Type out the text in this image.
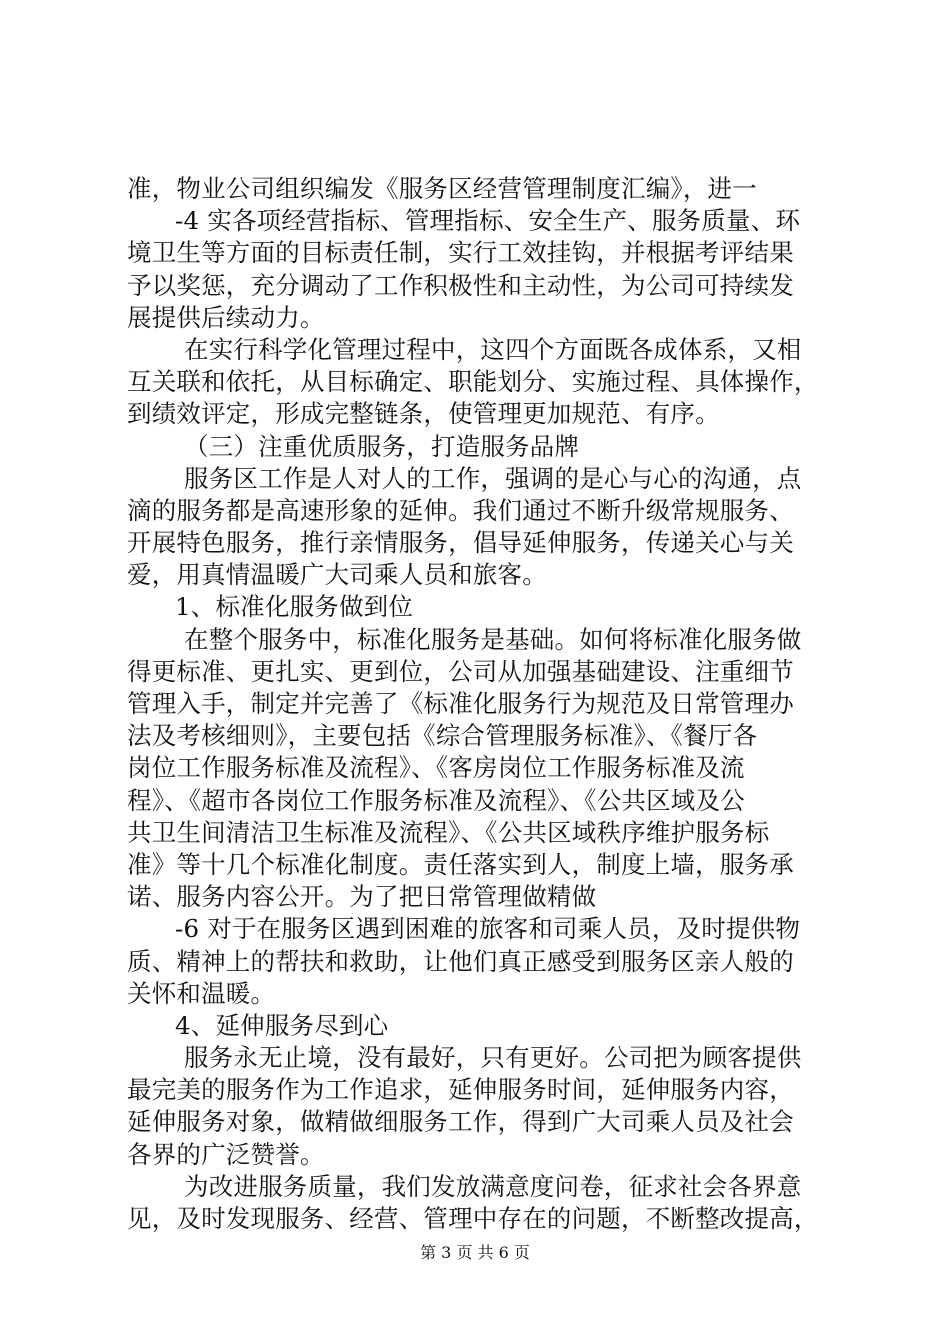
准，物业公司组织编发《服务区经营管理制度汇编》，进一
-4 实各项经营指标、管理指标、安全生产、服务质量、环
境卫生等方面的目标责任制，实行工效挂钩，并根据考评结果
予以奖惩，充分调动了工作积极性和主动性，为公司可持续发
展提供后续动力。
在实行科学化管理过程中，这四个方面既各成体系，又相
互关联和依托，从目标确定、职能划分、实施过程、具体操作，
到绩效评定，形成完整链条，使管理更加规范、有序。
（三）注重优质服务，打造服务品牌
服务区工作是人对人的工作，强调的是心与心的沟通，点
滴的服务都是高速形象的延伸。我们通过不断升级常规服务、
开展特色服务，推行亲情服务，倡导延伸服务，传递关心与关
爱，用真情温暖广大司乘人员和旅客。
1、标准化服务做到位
在整个服务中，标准化服务是基础。如何将标准化服务做
得更标准、更扎实、更到位，公司从加强基础建设、注重细节
管理入手，制定并完善了《标准化服务行为规范及日常管理办
法及考核细则》，主要包括《综合管理服务标准》、《餐厅各
岗位工作服务标准及流程》、《客房岗位工作服务标准及流
程》、《超市各岗位工作服务标准及流程》、《公共区域及公
共卫生间清洁卫生标准及流程》、《公共区域秩序维护服务标
准》等十几个标准化制度。责任落实到人，制度上墙，服务承
诺、服务内容公开。为了把日常管理做精做
-6 对于在服务区遇到困难的旅客和司乘人员，及时提供物
质、精神上的帮扶和救助，让他们真正感受到服务区亲人般的
关怀和温暖。
4、延伸服务尽到心
服务永无止境，没有最好，只有更好。公司把为顾客提供
最完美的服务作为工作追求，延伸服务时间，延伸服务内容，
延伸服务对象，做精做细服务工作，得到广大司乘人员及社会
各界的广泛赞誉。
为改进服务质量，我们发放满意度问卷，征求社会各界意
见，及时发现服务、经营、管理中存在的问题，不断整改提高，
第 3 页 共 6 页
